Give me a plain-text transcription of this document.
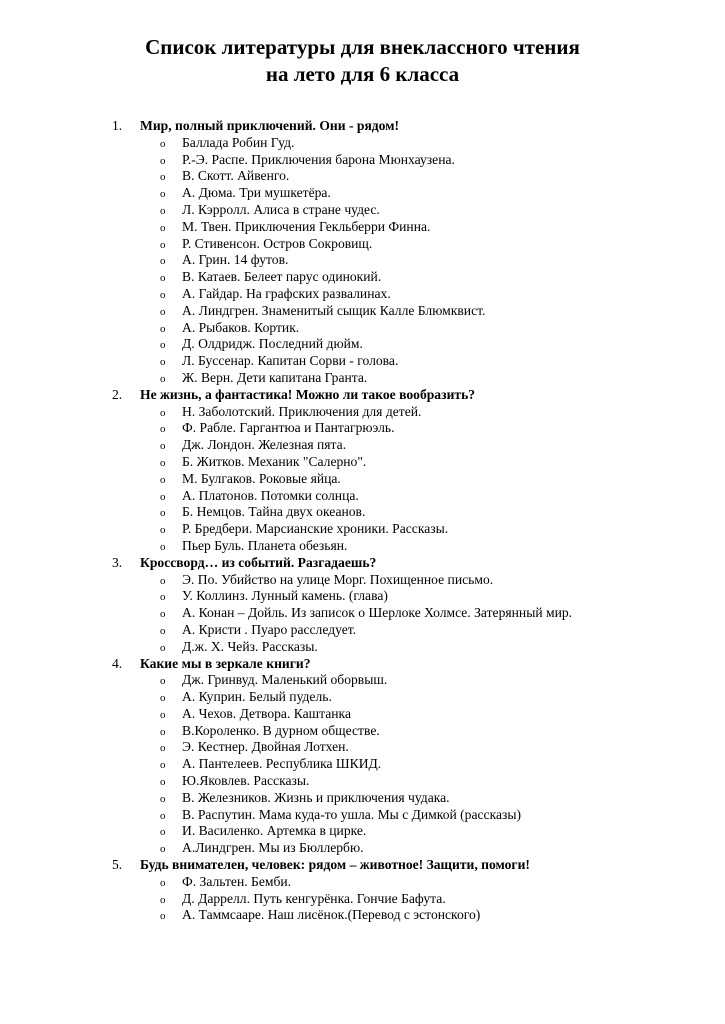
Список литературы для внеклассного чтения
на лето для 6 класса
1. Мир, полный приключений. Они - рядом!
o Баллада Робин Гуд.
o Р.-Э. Распе. Приключения барона Мюнхаузена.
o В. Скотт. Айвенго.
o А. Дюма. Три мушкетёра.
o Л. Кэрролл. Алиса в стране чудес.
o М. Твен. Приключения Гекльберри Финна.
o Р. Стивенсон. Остров Сокровищ.
o А. Грин. 14 футов.
o В. Катаев. Белеет парус одинокий.
o А. Гайдар. На графских развалинах.
o А. Линдгрен. Знаменитый сыщик Калле Блюмквист.
o А. Рыбаков. Кортик.
o Д. Олдридж. Последний дюйм.
o Л. Буссенар. Капитан Сорви - голова.
o Ж. Верн. Дети капитана Гранта.
2. Не жизнь, а фантастика! Можно ли такое вообразить?
o Н. Заболотский. Приключения для детей.
o Ф. Рабле. Гаргантюа и Пантагрюэль.
o Дж. Лондон. Железная пята.
o Б. Житков. Механик "Салерно".
o М. Булгаков. Роковые яйца.
o А. Платонов. Потомки солнца.
o Б. Немцов. Тайна двух океанов.
o Р. Бредбери. Марсианские хроники. Рассказы.
o Пьер Буль. Планета обезьян.
3. Кроссворд… из событий. Разгадаешь?
o Э. По. Убийство на улице Морг. Похищенное письмо.
o У. Коллинз. Лунный камень. (глава)
o А. Конан – Дойль. Из записок о Шерлоке Холмсе. Затерянный мир.
o А. Кристи . Пуаро расследует.
o Д.ж. Х. Чейз. Рассказы.
4. Какие мы в зеркале книги?
o Дж. Гринвуд. Маленький оборвыш.
o А. Куприн. Белый пудель.
o А. Чехов. Детвора. Каштанка
o В.Короленко. В дурном обществе.
o Э. Кестнер. Двойная Лотхен.
o А. Пантелеев. Республика ШКИД.
o Ю.Яковлев. Рассказы.
o В. Железников. Жизнь и приключения чудака.
o В. Распутин. Мама куда-то ушла. Мы с Димкой (рассказы)
o И. Василенко. Артемка в цирке.
o А.Линдгрен. Мы из Бюллербю.
5. Будь внимателен, человек: рядом – животное! Защити, помоги!
o Ф. Зальтен. Бемби.
o Д. Даррелл. Путь кенгурёнка. Гончие Бафута.
o А. Таммсааре. Наш лисёнок.(Перевод с эстонского)
